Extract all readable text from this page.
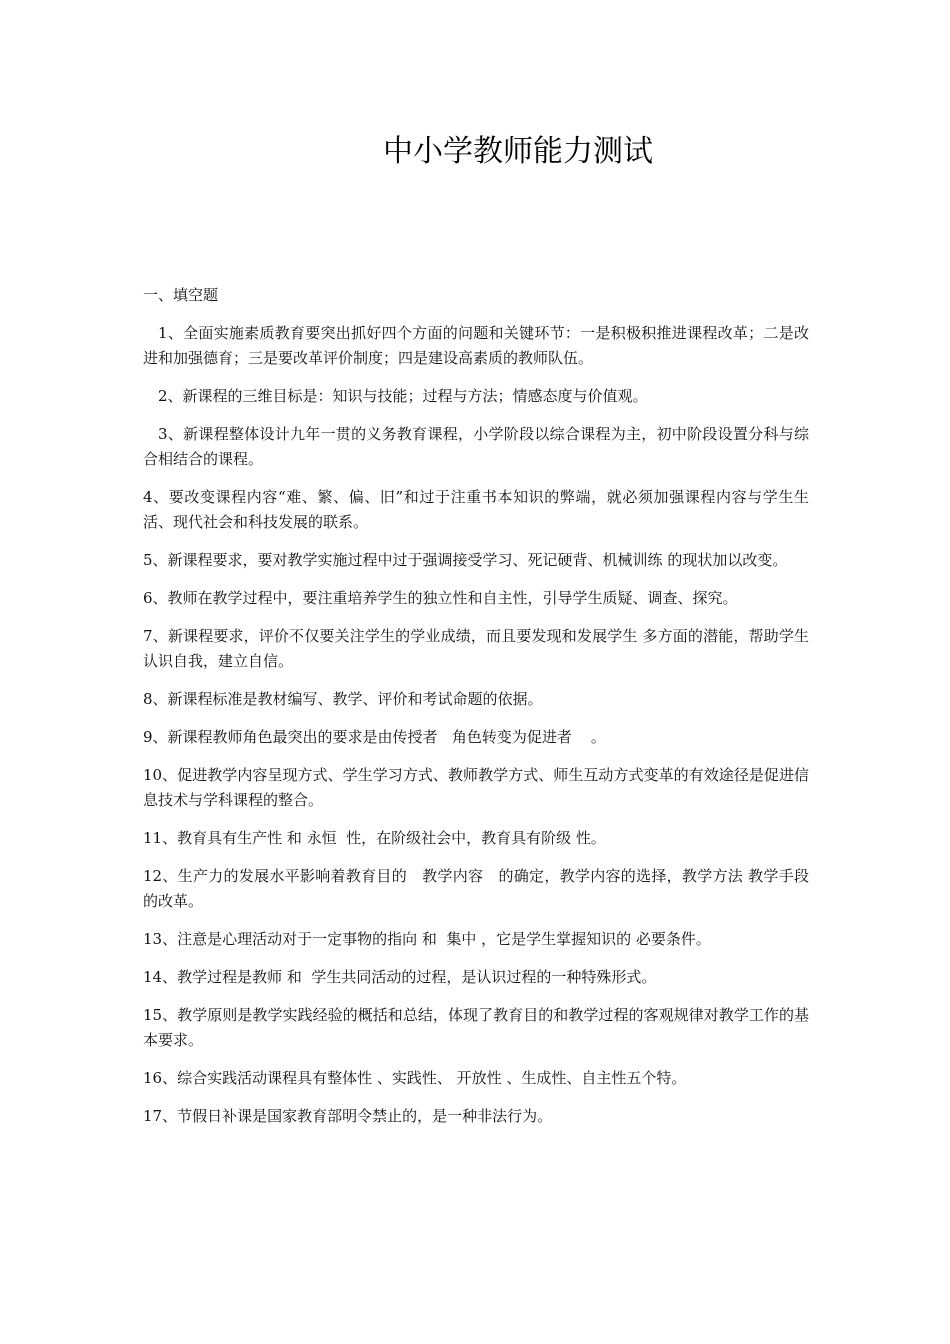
中小学教师能力测试
一、填空题

1、全面实施素质教育要突出抓好四个方面的问题和关键环节：一是积极积推进课程改革；二是改进和加强德育；三是要改革评价制度；四是建设高素质的教师队伍。

2、新课程的三维目标是：知识与技能；过程与方法；情感态度与价值观。

3、新课程整体设计九年一贯的义务教育课程，小学阶段以综合课程为主，初中阶段设置分科与综合相结合的课程。

4、要改变课程内容“难、繁、偏、旧”和过于注重书本知识的弊端，就必须加强课程内容与学生生活、现代社会和科技发展的联系。

5、新课程要求，要对教学实施过程中过于强调接受学习、死记硬背、机械训练 的现状加以改变。

6、教师在教学过程中，要注重培养学生的独立性和自主性，引导学生质疑、调查、探究。

7、新课程要求，评价不仅要关注学生的学业成绩，而且要发现和发展学生 多方面的潜能，帮助学生认识自我，建立自信。

8、新课程标准是教材编写、教学、评价和考试命题的依据。

9、新课程教师角色最突出的要求是由传授者   角色转变为促进者    。

10、促进教学内容呈现方式、学生学习方式、教师教学方式、师生互动方式变革的有效途径是促进信息技术与学科课程的整合。

11、教育具有生产性 和 永恒  性，在阶级社会中，教育具有阶级 性。

12、生产力的发展水平影响着教育目的   教学内容   的确定，教学内容的选择，教学方法 教学手段的改革。

13、注意是心理活动对于一定事物的指向 和  集中 ，它是学生掌握知识的 必要条件。

14、教学过程是教师 和  学生共同活动的过程，是认识过程的一种特殊形式。

15、教学原则是教学实践经验的概括和总结，体现了教育目的和教学过程的客观规律对教学工作的基本要求。

16、综合实践活动课程具有整体性 、实践性、 开放性 、生成性、自主性五个特。

17、节假日补课是国家教育部明令禁止的，是一种非法行为。
